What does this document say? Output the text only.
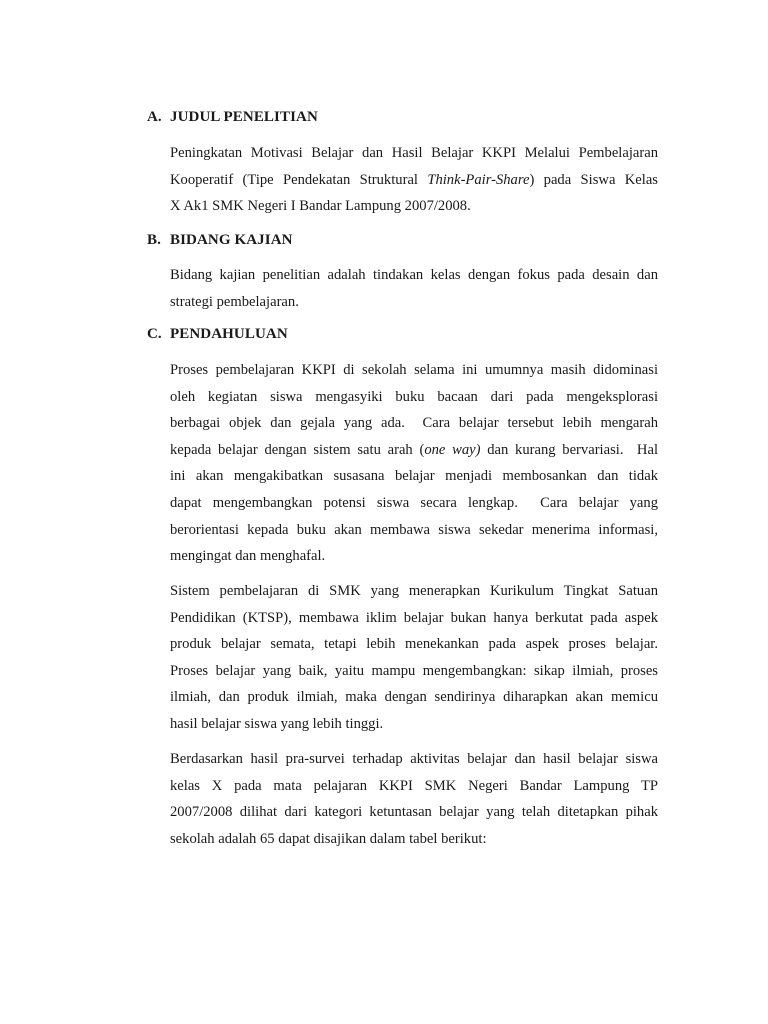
A. JUDUL PENELITIAN
Peningkatan Motivasi Belajar dan Hasil Belajar KKPI Melalui Pembelajaran
Kooperatif (Tipe Pendekatan Struktural Think-Pair-Share) pada Siswa Kelas
X Ak1 SMK Negeri I Bandar Lampung 2007/2008.
B. BIDANG KAJIAN
Bidang kajian penelitian adalah tindakan kelas dengan fokus pada desain dan
strategi pembelajaran.
C. PENDAHULUAN
Proses pembelajaran KKPI di sekolah selama ini umumnya masih didominasi
oleh kegiatan siswa mengasyiki buku bacaan dari pada mengeksplorasi
berbagai objek dan gejala yang ada.  Cara belajar tersebut lebih mengarah
kepada belajar dengan sistem satu arah (one way) dan kurang bervariasi.  Hal
ini akan mengakibatkan susasana belajar menjadi membosankan dan tidak
dapat mengembangkan potensi siswa secara lengkap.  Cara belajar yang
berorientasi kepada buku akan membawa siswa sekedar menerima informasi,
mengingat dan menghafal.
Sistem pembelajaran di SMK yang menerapkan Kurikulum Tingkat Satuan
Pendidikan (KTSP), membawa iklim belajar bukan hanya berkutat pada aspek
produk belajar semata, tetapi lebih menekankan pada aspek proses belajar.
Proses belajar yang baik, yaitu mampu mengembangkan: sikap ilmiah, proses
ilmiah, dan produk ilmiah, maka dengan sendirinya diharapkan akan memicu
hasil belajar siswa yang lebih tinggi.
Berdasarkan hasil pra-survei terhadap aktivitas belajar dan hasil belajar siswa
kelas X pada mata pelajaran KKPI SMK Negeri Bandar Lampung TP
2007/2008 dilihat dari kategori ketuntasan belajar yang telah ditetapkan pihak
sekolah adalah 65 dapat disajikan dalam tabel berikut:
